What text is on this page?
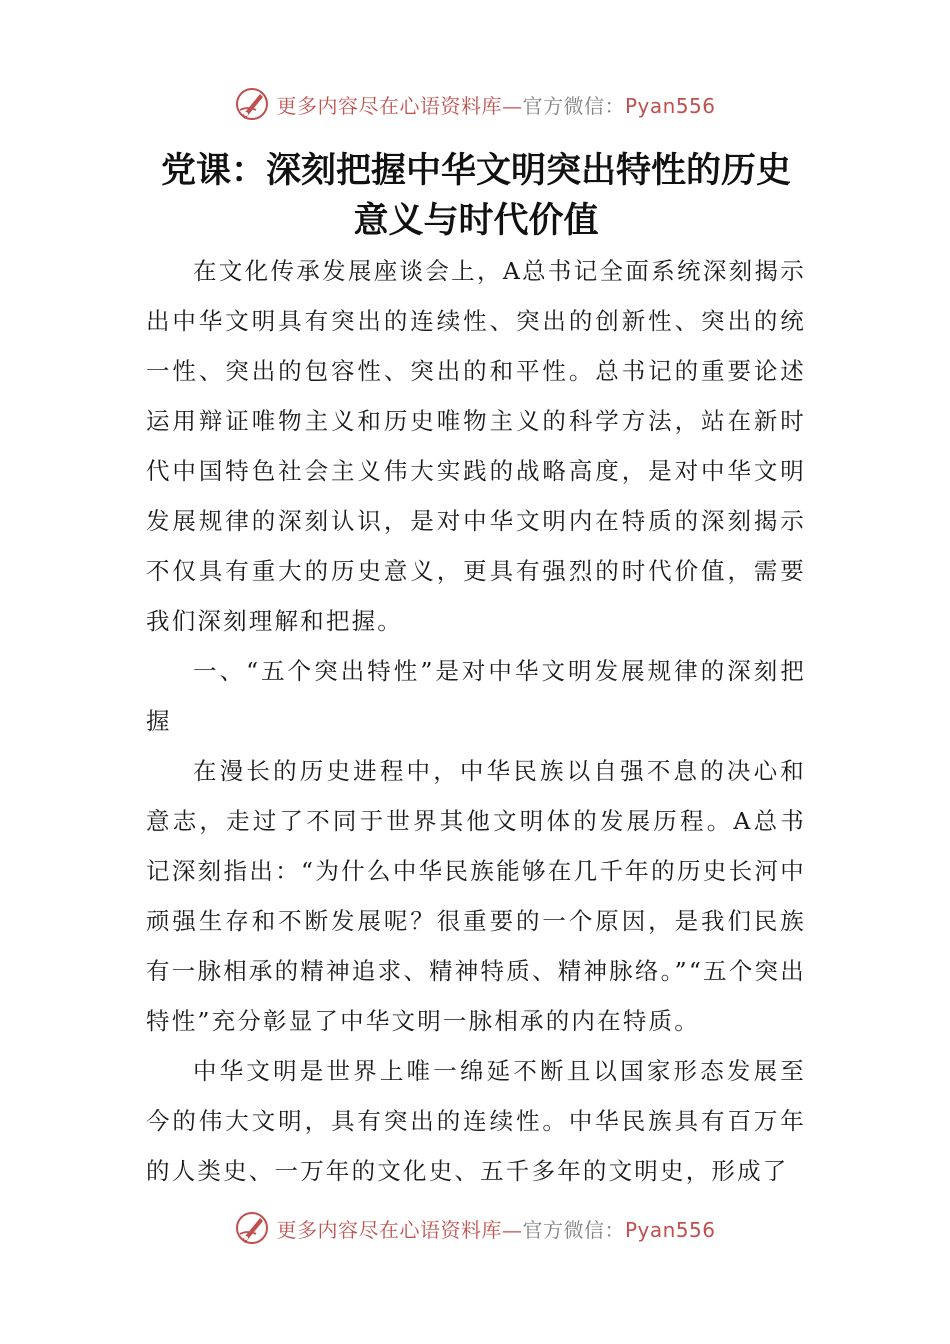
更多内容尽在心语资料库—官方微信：Pyan556
党课：深刻把握中华文明突出特性的历史意义与时代价值

在文化传承发展座谈会上，A总书记全面系统深刻揭示出中华文明具有突出的连续性、突出的创新性、突出的统一性、突出的包容性、突出的和平性。总书记的重要论述运用辩证唯物主义和历史唯物主义的科学方法，站在新时代中国特色社会主义伟大实践的战略高度，是对中华文明发展规律的深刻认识，是对中华文明内在特质的深刻揭示不仅具有重大的历史意义，更具有强烈的时代价值，需要我们深刻理解和把握。

一、“五个突出特性”是对中华文明发展规律的深刻把握

在漫长的历史进程中，中华民族以自强不息的决心和意志，走过了不同于世界其他文明体的发展历程。A总书记深刻指出：“为什么中华民族能够在几千年的历史长河中顽强生存和不断发展呢？很重要的一个原因，是我们民族有一脉相承的精神追求、精神特质、精神脉络。”“五个突出特性”充分彰显了中华文明一脉相承的内在特质。

中华文明是世界上唯一绵延不断且以国家形态发展至今的伟大文明，具有突出的连续性。中华民族具有百万年的人类史、一万年的文化史、五千多年的文明史，形成了

更多内容尽在心语资料库—官方微信：Pyan556
